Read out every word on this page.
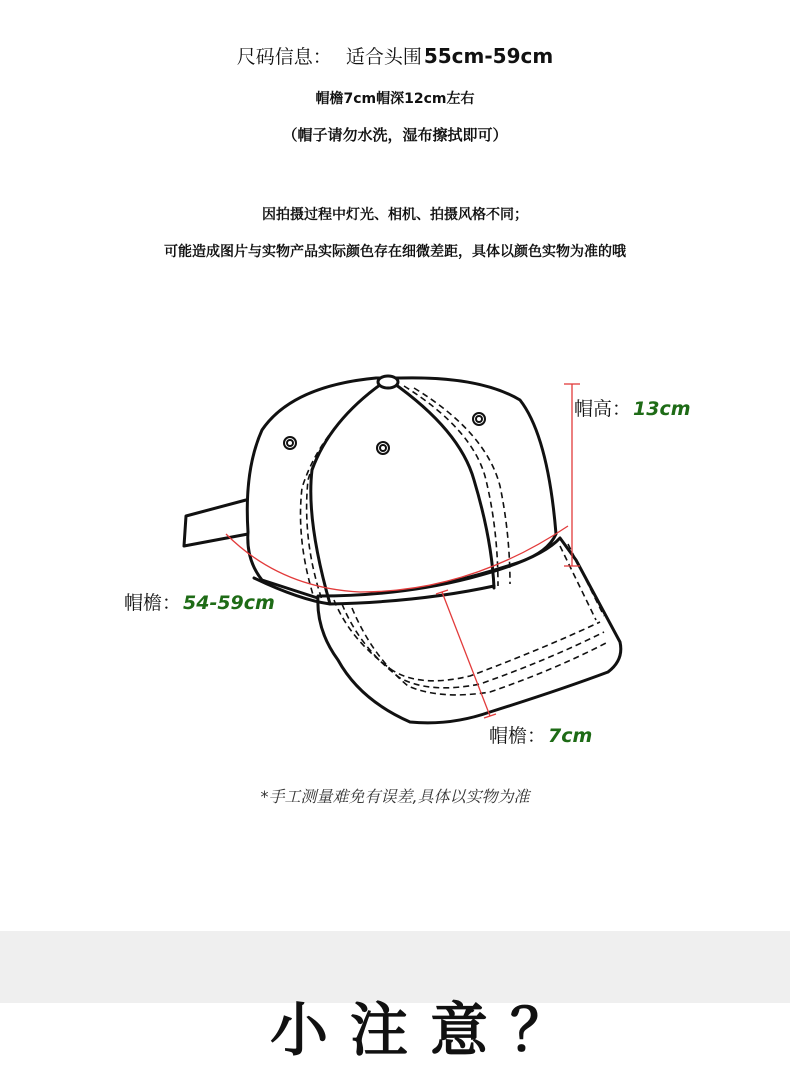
尺码信息： 适合头围 55cm-59cm
帽檐7cm帽深12cm左右
（帽子请勿水洗，湿布擦拭即可）
因拍摄过程中灯光、相机、拍摄风格不同；
可能造成图片与实物产品实际颜色存在细微差距，具体以颜色实物为准的哦
帽高： 13cm
帽檐： 54-59cm
帽檐： 7cm
*手工测量难免有误差,具体以实物为准
小注意？
